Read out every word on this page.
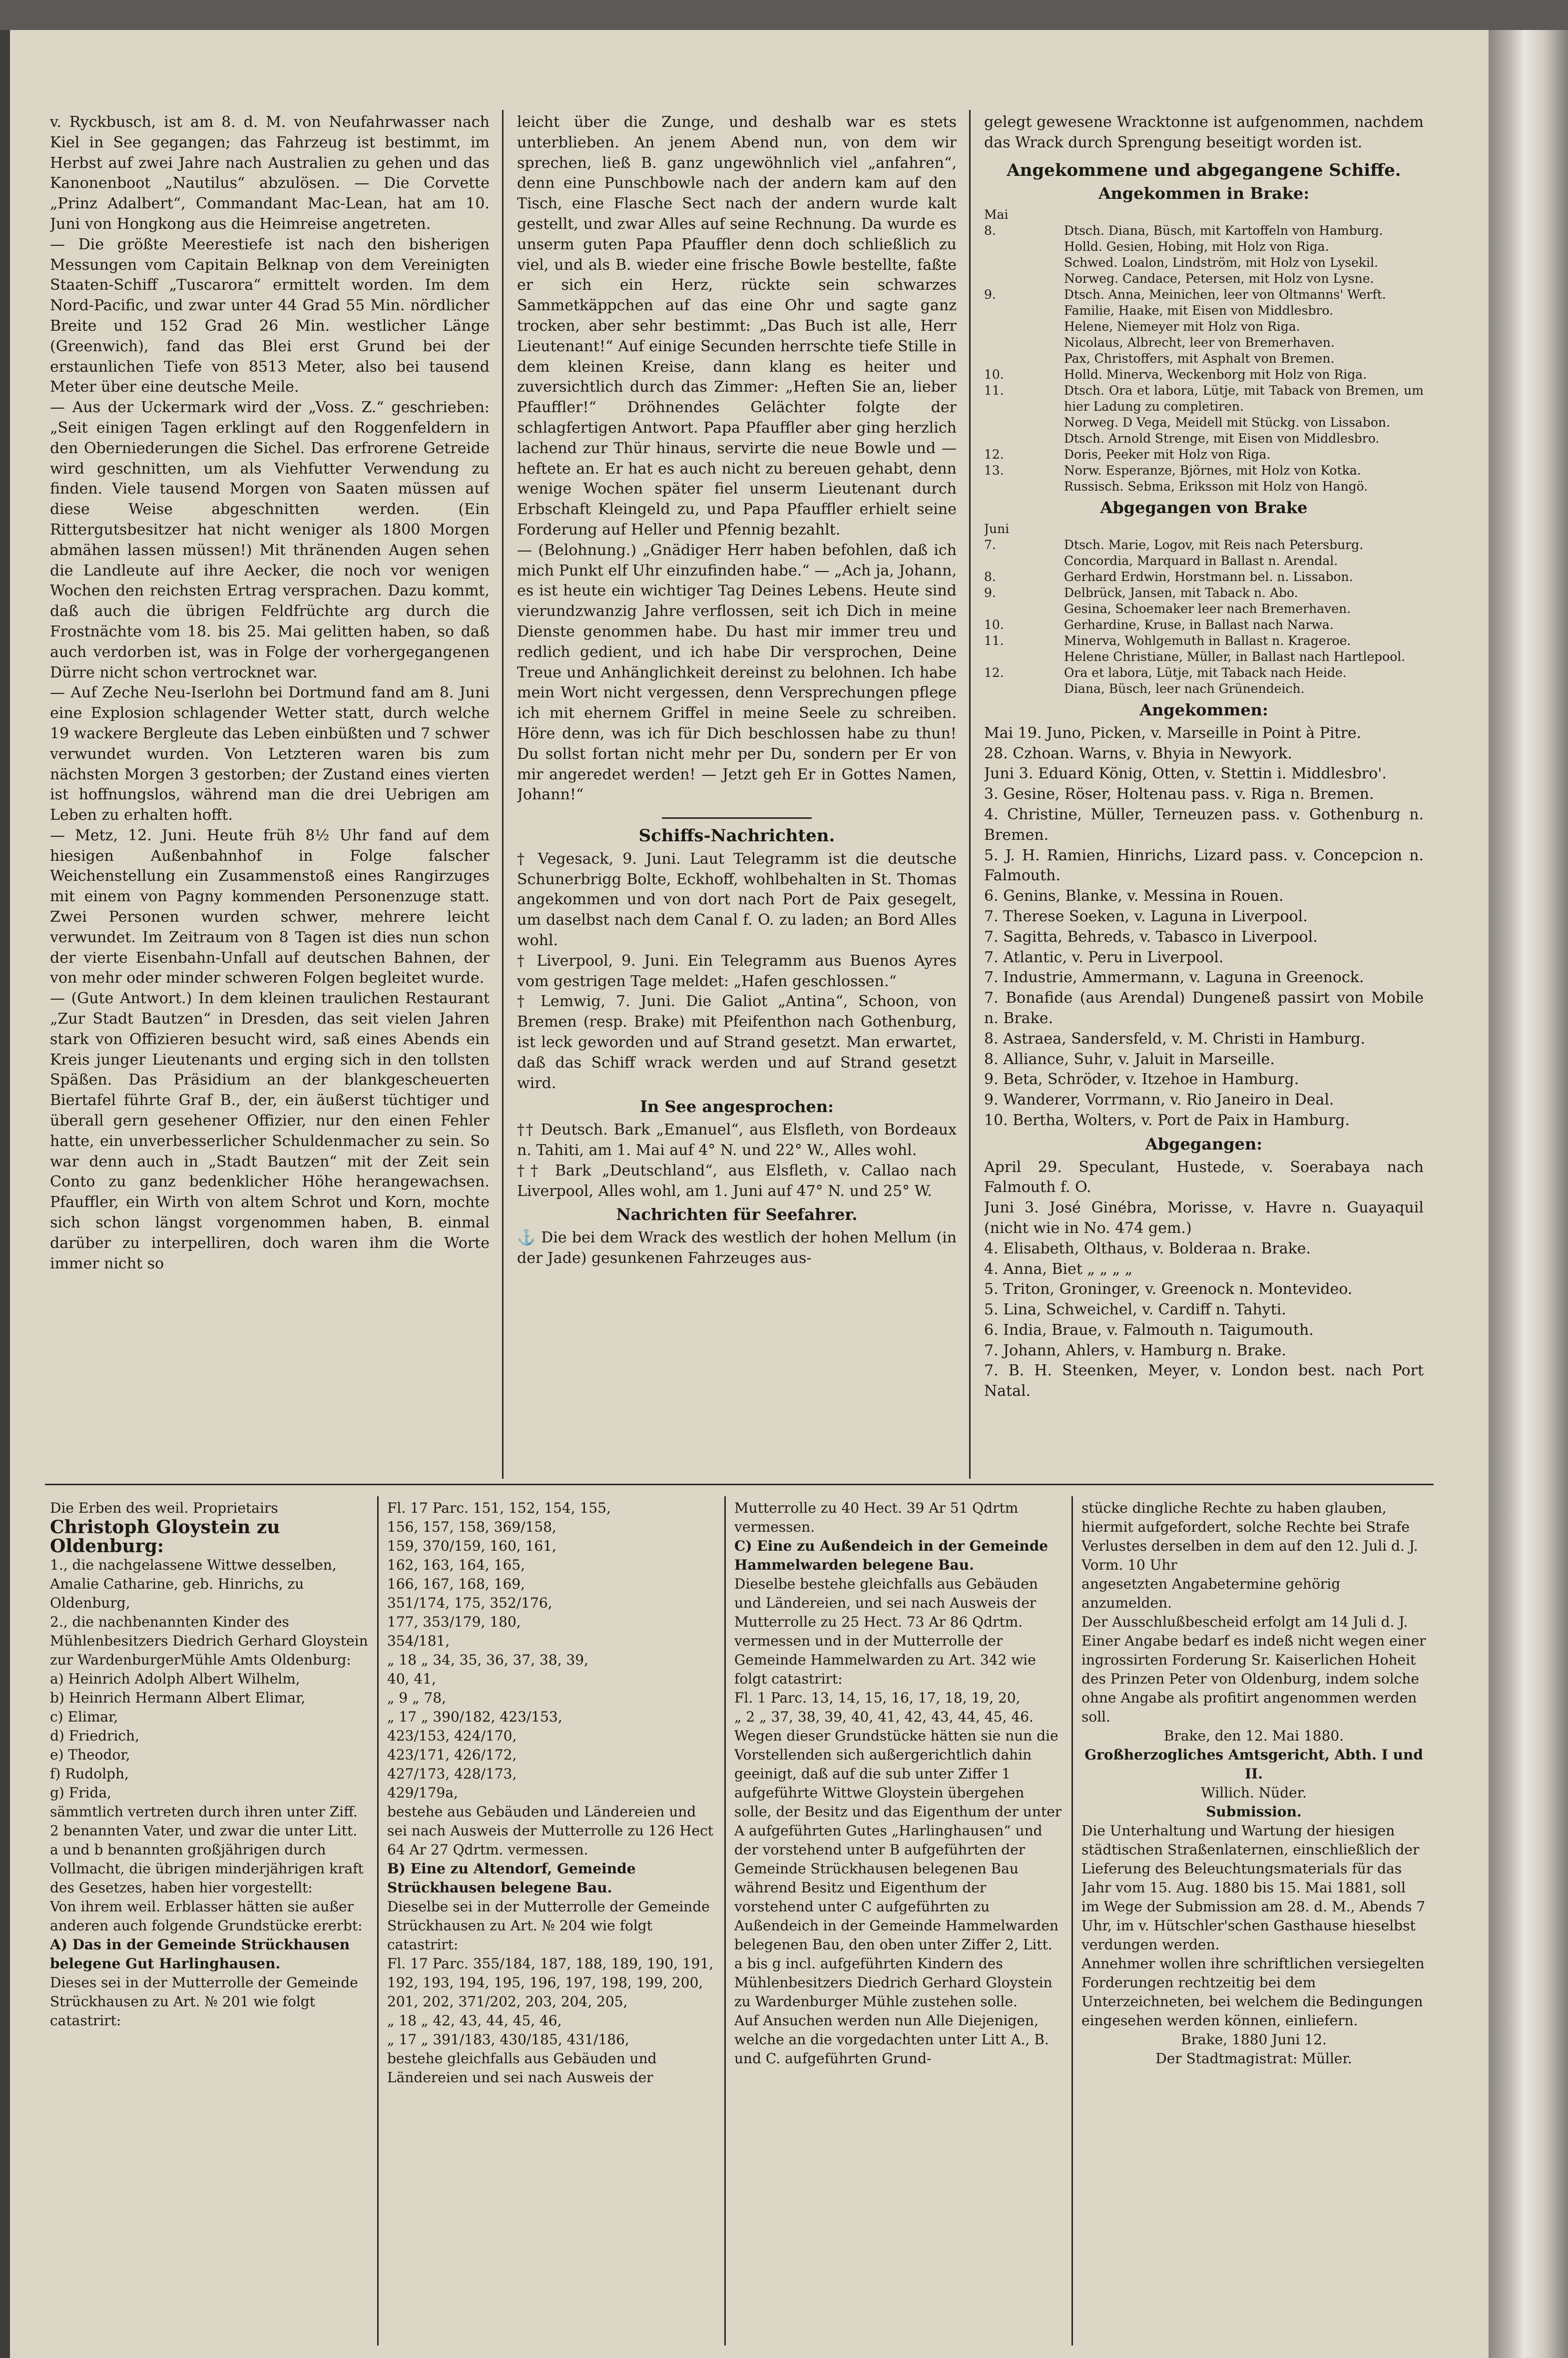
v. Ryckbusch, ist am 8. d. M. von Neufahrwasser nach Kiel in See gegangen; das Fahrzeug ist bestimmt, im Herbst auf zwei Jahre nach Australien zu gehen und das Kanonenboot „Nautilus“ abzulösen. — Die Corvette „Prinz Adalbert“, Commandant Mac-Lean, hat am 10. Juni von Hongkong aus die Heimreise angetreten.

— Die größte Meerestiefe ist nach den bisherigen Messungen vom Capitain Belknap von dem Vereinigten Staaten-Schiff „Tuscarora“ ermittelt worden. Im dem Nord-Pacific, und zwar unter 44 Grad 55 Min. nördlicher Breite und 152 Grad 26 Min. westlicher Länge (Greenwich), fand das Blei erst Grund bei der erstaunlichen Tiefe von 8513 Meter, also bei tausend Meter über eine deutsche Meile.

— Aus der Uckermark wird der „Voss. Z.“ geschrieben: „Seit einigen Tagen erklingt auf den Roggenfeldern in den Oberniederungen die Sichel. Das erfrorene Getreide wird geschnitten, um als Viehfutter Verwendung zu finden. Viele tausend Morgen von Saaten müssen auf diese Weise abgeschnitten werden. (Ein Rittergutsbesitzer hat nicht weniger als 1800 Morgen abmähen lassen müssen!) Mit thränenden Augen sehen die Landleute auf ihre Aecker, die noch vor wenigen Wochen den reichsten Ertrag versprachen. Dazu kommt, daß auch die übrigen Feldfrüchte arg durch die Frostnächte vom 18. bis 25. Mai gelitten haben, so daß auch verdorben ist, was in Folge der vorhergegangenen Dürre nicht schon vertrocknet war.

— Auf Zeche Neu-Iserlohn bei Dortmund fand am 8. Juni eine Explosion schlagender Wetter statt, durch welche 19 wackere Bergleute das Leben einbüßten und 7 schwer verwundet wurden. Von Letzteren waren bis zum nächsten Morgen 3 gestorben; der Zustand eines vierten ist hoffnungslos, während man die drei Uebrigen am Leben zu erhalten hofft.

— Metz, 12. Juni. Heute früh 8½ Uhr fand auf dem hiesigen Außenbahnhof in Folge falscher Weichenstellung ein Zusammenstoß eines Rangirzuges mit einem von Pagny kommenden Personenzuge statt. Zwei Personen wurden schwer, mehrere leicht verwundet. Im Zeitraum von 8 Tagen ist dies nun schon der vierte Eisenbahn-Unfall auf deutschen Bahnen, der von mehr oder minder schweren Folgen begleitet wurde.

— (Gute Antwort.) In dem kleinen traulichen Restaurant „Zur Stadt Bautzen“ in Dresden, das seit vielen Jahren stark von Offizieren besucht wird, saß eines Abends ein Kreis junger Lieutenants und erging sich in den tollsten Späßen. Das Präsidium an der blankgescheuerten Biertafel führte Graf B., der, ein äußerst tüchtiger und überall gern gesehener Offizier, nur den einen Fehler hatte, ein unverbesserlicher Schuldenmacher zu sein. So war denn auch in „Stadt Bautzen“ mit der Zeit sein Conto zu ganz bedenklicher Höhe herangewachsen. Pfauffler, ein Wirth von altem Schrot und Korn, mochte sich schon längst vorgenommen haben, B. einmal darüber zu interpelliren, doch waren ihm die Worte immer nicht so

leicht über die Zunge, und deshalb war es stets unterblieben. An jenem Abend nun, von dem wir sprechen, ließ B. ganz ungewöhnlich viel „anfahren“, denn eine Punschbowle nach der andern kam auf den Tisch, eine Flasche Sect nach der andern wurde kalt gestellt, und zwar Alles auf seine Rechnung. Da wurde es unserm guten Papa Pfauffler denn doch schließlich zu viel, und als B. wieder eine frische Bowle bestellte, faßte er sich ein Herz, rückte sein schwarzes Sammetkäppchen auf das eine Ohr und sagte ganz trocken, aber sehr bestimmt: „Das Buch ist alle, Herr Lieutenant!“ Auf einige Secunden herrschte tiefe Stille in dem kleinen Kreise, dann klang es heiter und zuversichtlich durch das Zimmer: „Heften Sie an, lieber Pfauffler!“ Dröhnendes Gelächter folgte der schlagfertigen Antwort. Papa Pfauffler aber ging herzlich lachend zur Thür hinaus, servirte die neue Bowle und — heftete an. Er hat es auch nicht zu bereuen gehabt, denn wenige Wochen später fiel unserm Lieutenant durch Erbschaft Kleingeld zu, und Papa Pfauffler erhielt seine Forderung auf Heller und Pfennig bezahlt.

— (Belohnung.) „Gnädiger Herr haben befohlen, daß ich mich Punkt elf Uhr einzufinden habe.“ — „Ach ja, Johann, es ist heute ein wichtiger Tag Deines Lebens. Heute sind vierundzwanzig Jahre verflossen, seit ich Dich in meine Dienste genommen habe. Du hast mir immer treu und redlich gedient, und ich habe Dir versprochen, Deine Treue und Anhänglichkeit dereinst zu belohnen. Ich habe mein Wort nicht vergessen, denn Versprechungen pflege ich mit ehernem Griffel in meine Seele zu schreiben. Höre denn, was ich für Dich beschlossen habe zu thun! Du sollst fortan nicht mehr per Du, sondern per Er von mir angeredet werden! — Jetzt geh Er in Gottes Namen, Johann!“

Schiffs-Nachrichten.

† Vegesack, 9. Juni. Laut Telegramm ist die deutsche Schunerbrigg Bolte, Eckhoff, wohlbehalten in St. Thomas angekommen und von dort nach Port de Paix gesegelt, um daselbst nach dem Canal f. O. zu laden; an Bord Alles wohl.

† Liverpool, 9. Juni. Ein Telegramm aus Buenos Ayres vom gestrigen Tage meldet: „Hafen geschlossen.“

† Lemwig, 7. Juni. Die Galiot „Antina“, Schoon, von Bremen (resp. Brake) mit Pfeifenthon nach Gothenburg, ist leck geworden und auf Strand gesetzt. Man erwartet, daß das Schiff wrack werden und auf Strand gesetzt wird.

In See angesprochen:

†† Deutsch. Bark „Emanuel“, aus Elsfleth, von Bordeaux n. Tahiti, am 1. Mai auf 4° N. und 22° W., Alles wohl.

†† Bark „Deutschland“, aus Elsfleth, v. Callao nach Liverpool, Alles wohl, am 1. Juni auf 47° N. und 25° W.

Nachrichten für Seefahrer.

⚓ Die bei dem Wrack des westlich der hohen Mellum (in der Jade) gesunkenen Fahrzeuges aus-

gelegt gewesene Wracktonne ist aufgenommen, nachdem das Wrack durch Sprengung beseitigt worden ist.

Angekommene und abgegangene Schiffe.
Angekommen in Brake:
Mai
8.	Dtsch. Diana, Büsch, mit Kartoffeln von Hamburg.
Holld. Gesien, Hobing, mit Holz von Riga.
Schwed. Loalon, Lindström, mit Holz von Lysekil.
Norweg. Candace, Petersen, mit Holz von Lysne.
9.	Dtsch. Anna, Meinichen, leer von Oltmanns' Werft.
Familie, Haake, mit Eisen von Middlesbro.
Helene, Niemeyer mit Holz von Riga.
Nicolaus, Albrecht, leer von Bremerhaven.
Pax, Christoffers, mit Asphalt von Bremen.
10.	Holld. Minerva, Weckenborg mit Holz von Riga.
11.	Dtsch. Ora et labora, Lütje, mit Taback von Bremen, um hier Ladung zu completiren.
Norweg. D Vega, Meidell mit Stückg. von Lissabon.
Dtsch. Arnold Strenge, mit Eisen von Middlesbro.
12.	Doris, Peeker mit Holz von Riga.
13.	Norw. Esperanze, Björnes, mit Holz von Kotka.
Russisch. Sebma, Eriksson mit Holz von Hangö.
Abgegangen von Brake
Juni
7.	Dtsch. Marie, Logov, mit Reis nach Petersburg.
Concordia, Marquard in Ballast n. Arendal.
8.	Gerhard Erdwin, Horstmann bel. n. Lissabon.
9.	Delbrück, Jansen, mit Taback n. Abo.
Gesina, Schoemaker leer nach Bremerhaven.
10.	Gerhardine, Kruse, in Ballast nach Narwa.
11.	Minerva, Wohlgemuth in Ballast n. Krageroe.
Helene Christiane, Müller, in Ballast nach Hartlepool.
12.	Ora et labora, Lütje, mit Taback nach Heide.
Diana, Büsch, leer nach Grünendeich.
Angekommen:
Mai 19. Juno, Picken, v. Marseille in Point à Pitre.
28. Czhoan. Warns, v. Bhyia in Newyork.
Juni 3. Eduard König, Otten, v. Stettin i. Middlesbro'.
3. Gesine, Röser, Holtenau pass. v. Riga n. Bremen.
4. Christine, Müller, Terneuzen pass. v. Gothenburg n. Bremen.
5. J. H. Ramien, Hinrichs, Lizard pass. v. Concepcion n. Falmouth.
6. Genins, Blanke, v. Messina in Rouen.
7. Therese Soeken, v. Laguna in Liverpool.
7. Sagitta, Behreds, v. Tabasco in Liverpool.
7. Atlantic, v. Peru in Liverpool.
7. Industrie, Ammermann, v. Laguna in Greenock.
7. Bonafide (aus Arendal) Dungeneß passirt von Mobile n. Brake.
8. Astraea, Sandersfeld, v. M. Christi in Hamburg.
8. Alliance, Suhr, v. Jaluit in Marseille.
9. Beta, Schröder, v. Itzehoe in Hamburg.
9. Wanderer, Vorrmann, v. Rio Janeiro in Deal.
10. Bertha, Wolters, v. Port de Paix in Hamburg.
Abgegangen:
April 29. Speculant, Hustede, v. Soerabaya nach Falmouth f. O.
Juni 3. José Ginébra, Morisse, v. Havre n. Guayaquil (nicht wie in No. 474 gem.)
4. Elisabeth, Olthaus, v. Bolderaa n. Brake.
4. Anna, Biet „ „ „ „
5. Triton, Groninger, v. Greenock n. Montevideo.
5. Lina, Schweichel, v. Cardiff n. Tahyti.
6. India, Braue, v. Falmouth n. Taigumouth.
7. Johann, Ahlers, v. Hamburg n. Brake.
7. B. H. Steenken, Meyer, v. London best. nach Port Natal.
Die Erben des weil. Proprietairs
Christoph Gloystein zu Oldenburg:
1., die nachgelassene Wittwe desselben, Amalie Catharine, geb. Hinrichs, zu Oldenburg,
2., die nachbenannten Kinder des Mühlenbesitzers Diedrich Gerhard Gloystein zur WardenburgerMühle Amts Oldenburg:
a) Heinrich Adolph Albert Wilhelm,
b) Heinrich Hermann Albert Elimar,
c) Elimar,
d) Friedrich,
e) Theodor,
f) Rudolph,
g) Frida,
sämmtlich vertreten durch ihren unter Ziff. 2 benannten Vater, und zwar die unter Litt. a und b benannten großjährigen durch Vollmacht, die übrigen minderjährigen kraft des Gesetzes, haben hier vorgestellt:
Von ihrem weil. Erblasser hätten sie außer anderen auch folgende Grundstücke ererbt:
A) Das in der Gemeinde Strückhausen belegene Gut Harlinghausen.
Dieses sei in der Mutterrolle der Gemeinde Strückhausen zu Art. № 201 wie folgt catastrirt:
Fl. 17 Parc. 151, 152, 154, 155,
156, 157, 158, 369/158,
159, 370/159, 160, 161,
162, 163, 164, 165,
166, 167, 168, 169,
351/174, 175, 352/176,
177, 353/179, 180,
354/181,
„ 18 „ 34, 35, 36, 37, 38, 39,
40, 41,
„ 9 „ 78,
„ 17 „ 390/182, 423/153,
423/153, 424/170,
423/171, 426/172,
427/173, 428/173,
429/179a,
bestehe aus Gebäuden und Ländereien und sei nach Ausweis der Mutterrolle zu 126 Hect 64 Ar 27 Qdrtm. vermessen.
B) Eine zu Altendorf, Gemeinde Strückhausen belegene Bau.
Dieselbe sei in der Mutterrolle der Gemeinde Strückhausen zu Art. № 204 wie folgt catastrirt:
Fl. 17 Parc. 355/184, 187, 188, 189, 190, 191, 192, 193, 194, 195, 196, 197, 198, 199, 200, 201, 202, 371/202, 203, 204, 205,
„ 18 „ 42, 43, 44, 45, 46,
„ 17 „ 391/183, 430/185, 431/186,
bestehe gleichfalls aus Gebäuden und Ländereien und sei nach Ausweis der
Mutterrolle zu 40 Hect. 39 Ar 51 Qdrtm vermessen.
C) Eine zu Außendeich in der Gemeinde Hammelwarden belegene Bau.
Dieselbe bestehe gleichfalls aus Gebäuden und Ländereien, und sei nach Ausweis der Mutterrolle zu 25 Hect. 73 Ar 86 Qdrtm. vermessen und in der Mutterrolle der Gemeinde Hammelwarden zu Art. 342 wie folgt catastrirt:
Fl. 1 Parc. 13, 14, 15, 16, 17, 18, 19, 20,
„ 2 „ 37, 38, 39, 40, 41, 42, 43, 44, 45, 46.
Wegen dieser Grundstücke hätten sie nun die Vorstellenden sich außergerichtlich dahin geeinigt, daß auf die sub unter Ziffer 1 aufgeführte Wittwe Gloystein übergehen solle, der Besitz und das Eigenthum der unter A aufgeführten Gutes „Harlinghausen“ und der vorstehend unter B aufgeführten der Gemeinde Strückhausen belegenen Bau während Besitz und Eigenthum der vorstehend unter C aufgeführten zu Außendeich in der Gemeinde Hammelwarden belegenen Bau, den oben unter Ziffer 2, Litt. a bis g incl. aufgeführten Kindern des Mühlenbesitzers Diedrich Gerhard Gloystein zu Wardenburger Mühle zustehen solle.
Auf Ansuchen werden nun Alle Diejenigen, welche an die vorgedachten unter Litt A., B. und C. aufgeführten Grund-
stücke dingliche Rechte zu haben glauben, hiermit aufgefordert, solche Rechte bei Strafe Verlustes derselben in dem auf den 12. Juli d. J. Vorm. 10 Uhr
angesetzten Angabetermine gehörig anzumelden.
Der Ausschlußbescheid erfolgt am 14 Juli d. J.
Einer Angabe bedarf es indeß nicht wegen einer ingrossirten Forderung Sr. Kaiserlichen Hoheit des Prinzen Peter von Oldenburg, indem solche ohne Angabe als profitirt angenommen werden soll.
Brake, den 12. Mai 1880.
Großherzogliches Amtsgericht, Abth. I und II.
Willich. Nüder.
Submission.
Die Unterhaltung und Wartung der hiesigen städtischen Straßenlaternen, einschließlich der Lieferung des Beleuchtungsmaterials für das Jahr vom 15. Aug. 1880 bis 15. Mai 1881, soll im Wege der Submission am 28. d. M., Abends 7 Uhr, im v. Hütschler'schen Gasthause hieselbst verdungen werden.
Annehmer wollen ihre schriftlichen versiegelten Forderungen rechtzeitig bei dem Unterzeichneten, bei welchem die Bedingungen eingesehen werden können, einliefern.
Brake, 1880 Juni 12.
Der Stadtmagistrat: Müller.
